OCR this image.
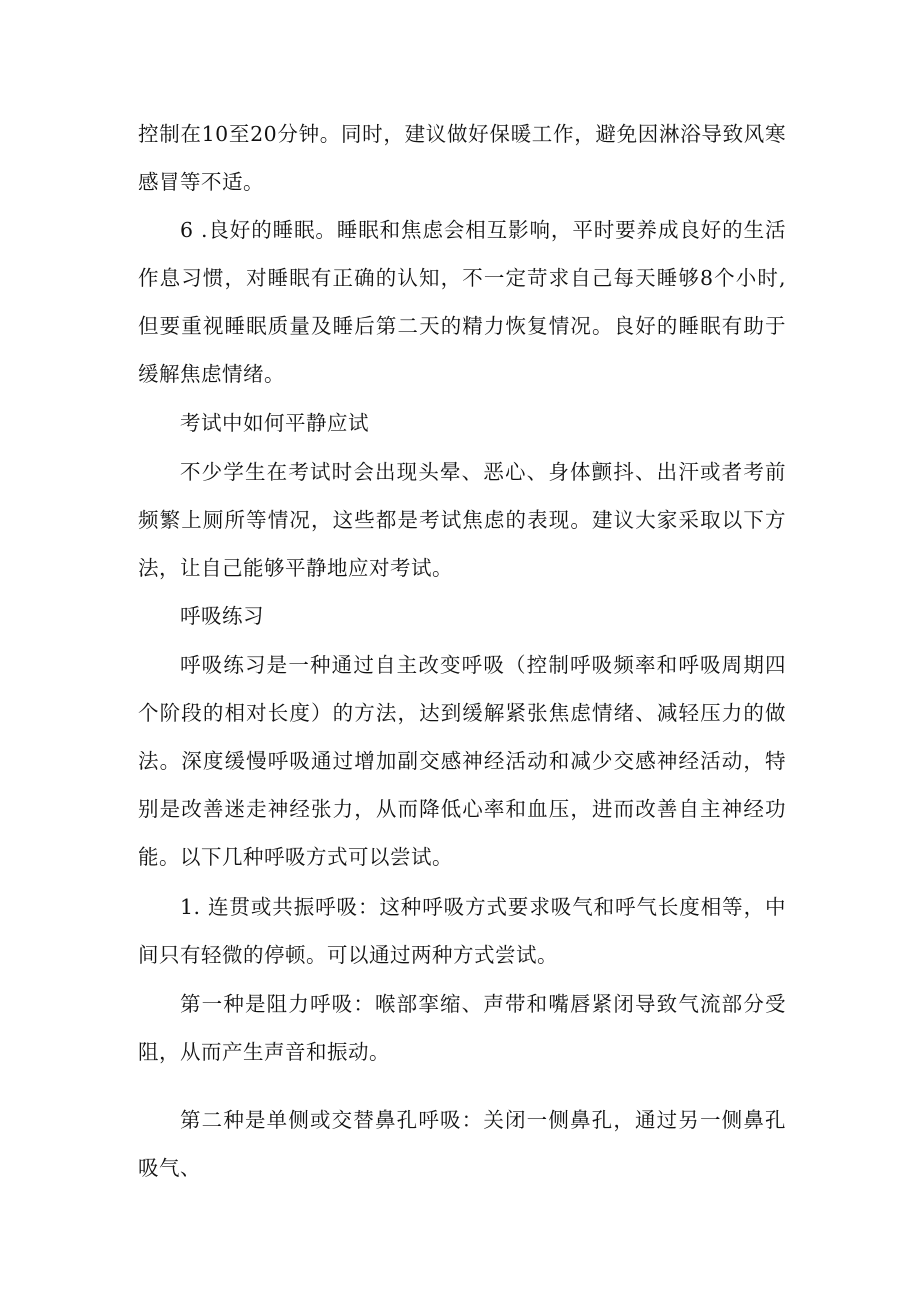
控制在10至20分钟。同时，建议做好保暖工作，避免因淋浴导致风寒感冒等不适。

6 .良好的睡眠。睡眠和焦虑会相互影响，平时要养成良好的生活作息习惯，对睡眠有正确的认知，不一定苛求自己每天睡够8个小时,但要重视睡眠质量及睡后第二天的精力恢复情况。良好的睡眠有助于缓解焦虑情绪。

考试中如何平静应试

不少学生在考试时会出现头晕、恶心、身体颤抖、出汗或者考前频繁上厕所等情况，这些都是考试焦虑的表现。建议大家采取以下方法，让自己能够平静地应对考试。

呼吸练习

呼吸练习是一种通过自主改变呼吸（控制呼吸频率和呼吸周期四个阶段的相对长度）的方法，达到缓解紧张焦虑情绪、减轻压力的做法。深度缓慢呼吸通过增加副交感神经活动和减少交感神经活动，特别是改善迷走神经张力，从而降低心率和血压，进而改善自主神经功能。以下几种呼吸方式可以尝试。

1. 连贯或共振呼吸：这种呼吸方式要求吸气和呼气长度相等，中间只有轻微的停顿。可以通过两种方式尝试。

第一种是阻力呼吸：喉部挛缩、声带和嘴唇紧闭导致气流部分受阻，从而产生声音和振动。

第二种是单侧或交替鼻孔呼吸：关闭一侧鼻孔，通过另一侧鼻孔吸气、
